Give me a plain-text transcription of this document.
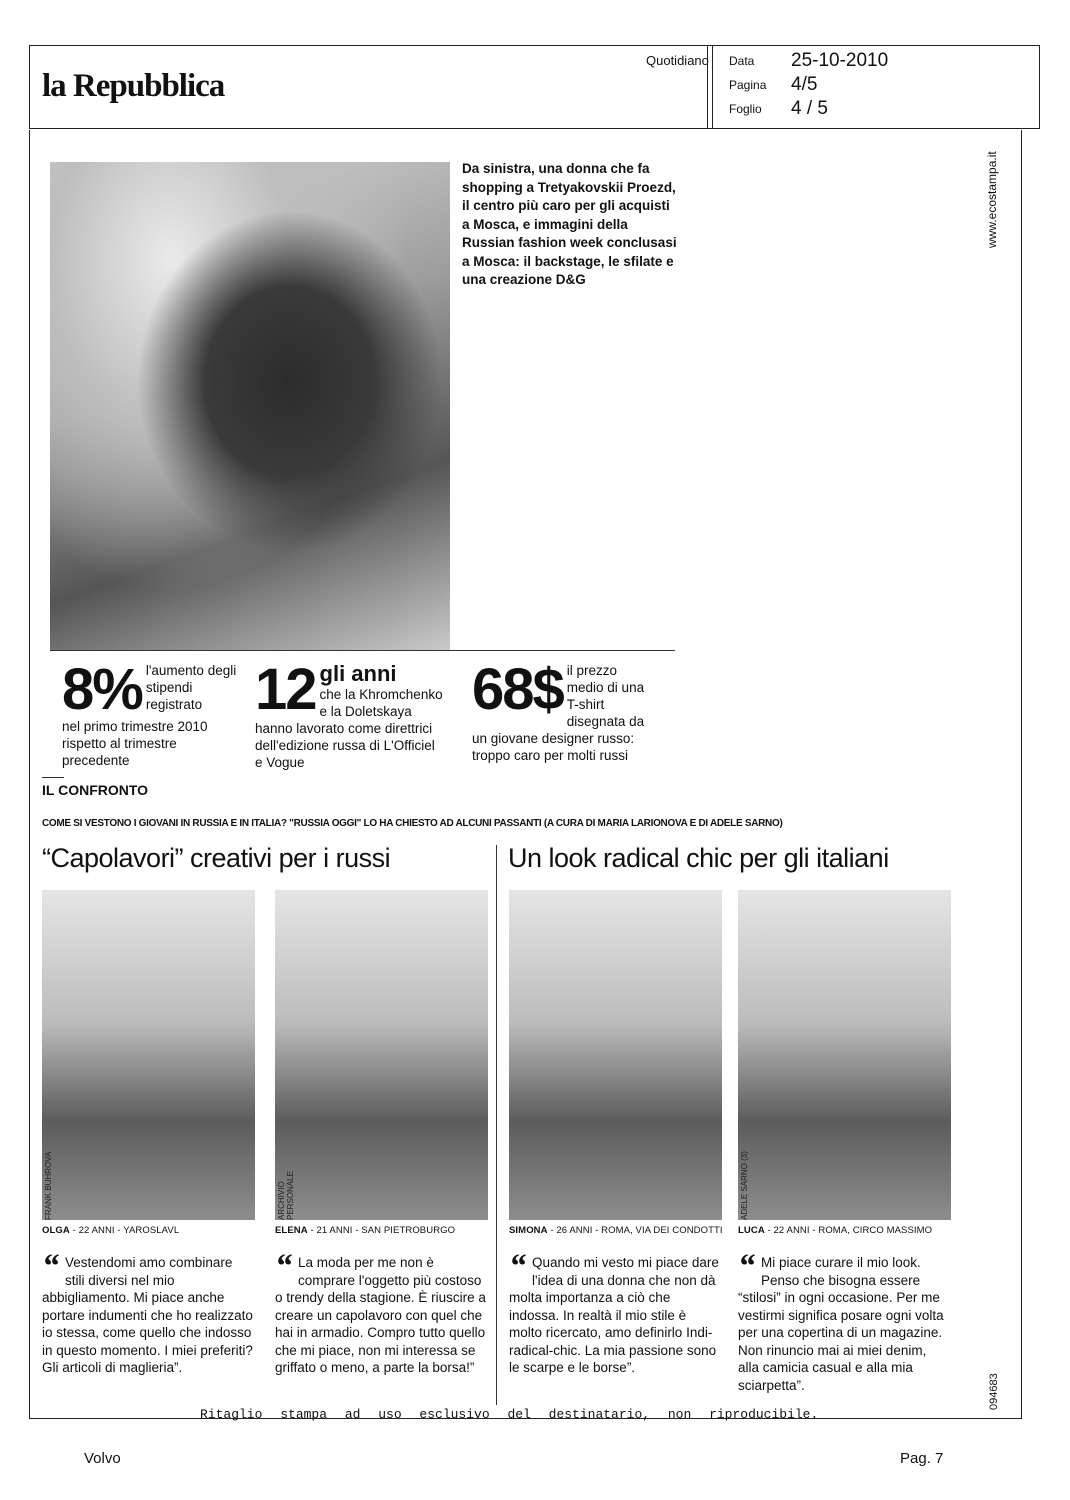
la Repubblica
Quotidiano Data 25-10-2010
Pagina 4/5
Foglio 4 / 5
www.ecostampa.it
094683
Da sinistra, una donna che fa shopping a Tretyakovskii Proezd, il centro più caro per gli acquisti a Mosca, e immagini della Russian fashion week conclusasi a Mosca: il backstage, le sfilate e una creazione D&G
8% l'aumento degli stipendi registrato
nel primo trimestre 2010 rispetto al trimestre precedente
12 gli anni
che la Khromchenko e la Doletskaya hanno lavorato come direttrici dell'edizione russa di L'Officiel e Vogue
68$ il prezzo medio di una T-shirt disegnata da un giovane designer russo: troppo caro per molti russi
IL CONFRONTO
COME SI VESTONO I GIOVANI IN RUSSIA E IN ITALIA? "RUSSIA OGGI" LO HA CHIESTO AD ALCUNI PASSANTI (A CURA DI MARIA LARIONOVA E DI ADELE SARNO)
“Capolavori” creativi per i russi	Un look radical chic per gli italiani
FRANK BUHROVA	ARCHIVIO PERSONALE	ADELE SARNO (3)
OLGA - 22 ANNI - YAROSLAVL	ELENA - 21 ANNI - SAN PIETROBURGO	SIMONA - 26 ANNI - ROMA, VIA DEI CONDOTTI LUCA - 22 ANNI - ROMA, CIRCO MASSIMO
“ Vestendomi amo combinare stili diversi nel mio abbigliamento. Mi piace anche portare indumenti che ho realizzato io stessa, come quello che indosso in questo momento. I miei preferiti? Gli articoli di maglieria”.
“ La moda per me non è comprare l'oggetto più costoso o trendy della stagione. È riuscire a creare un capolavoro con quel che hai in armadio. Compro tutto quello che mi piace, non mi interessa se griffato o meno, a parte la borsa!”
“ Quando mi vesto mi piace dare l'idea di una donna che non dà molta importanza a ciò che indossa. In realtà il mio stile è molto ricercato, amo definirlo Indi-radical-chic. La mia passione sono le scarpe e le borse”.
“ Mi piace curare il mio look. Penso che bisogna essere “stilosi” in ogni occasione. Per me vestirmi significa posare ogni volta per una copertina di un magazine. Non rinuncio mai ai miei denim, alla camicia casual e alla mia sciarpetta”.
Ritaglio stampa ad uso esclusivo del destinatario, non riproducibile.
Volvo	Pag. 7
